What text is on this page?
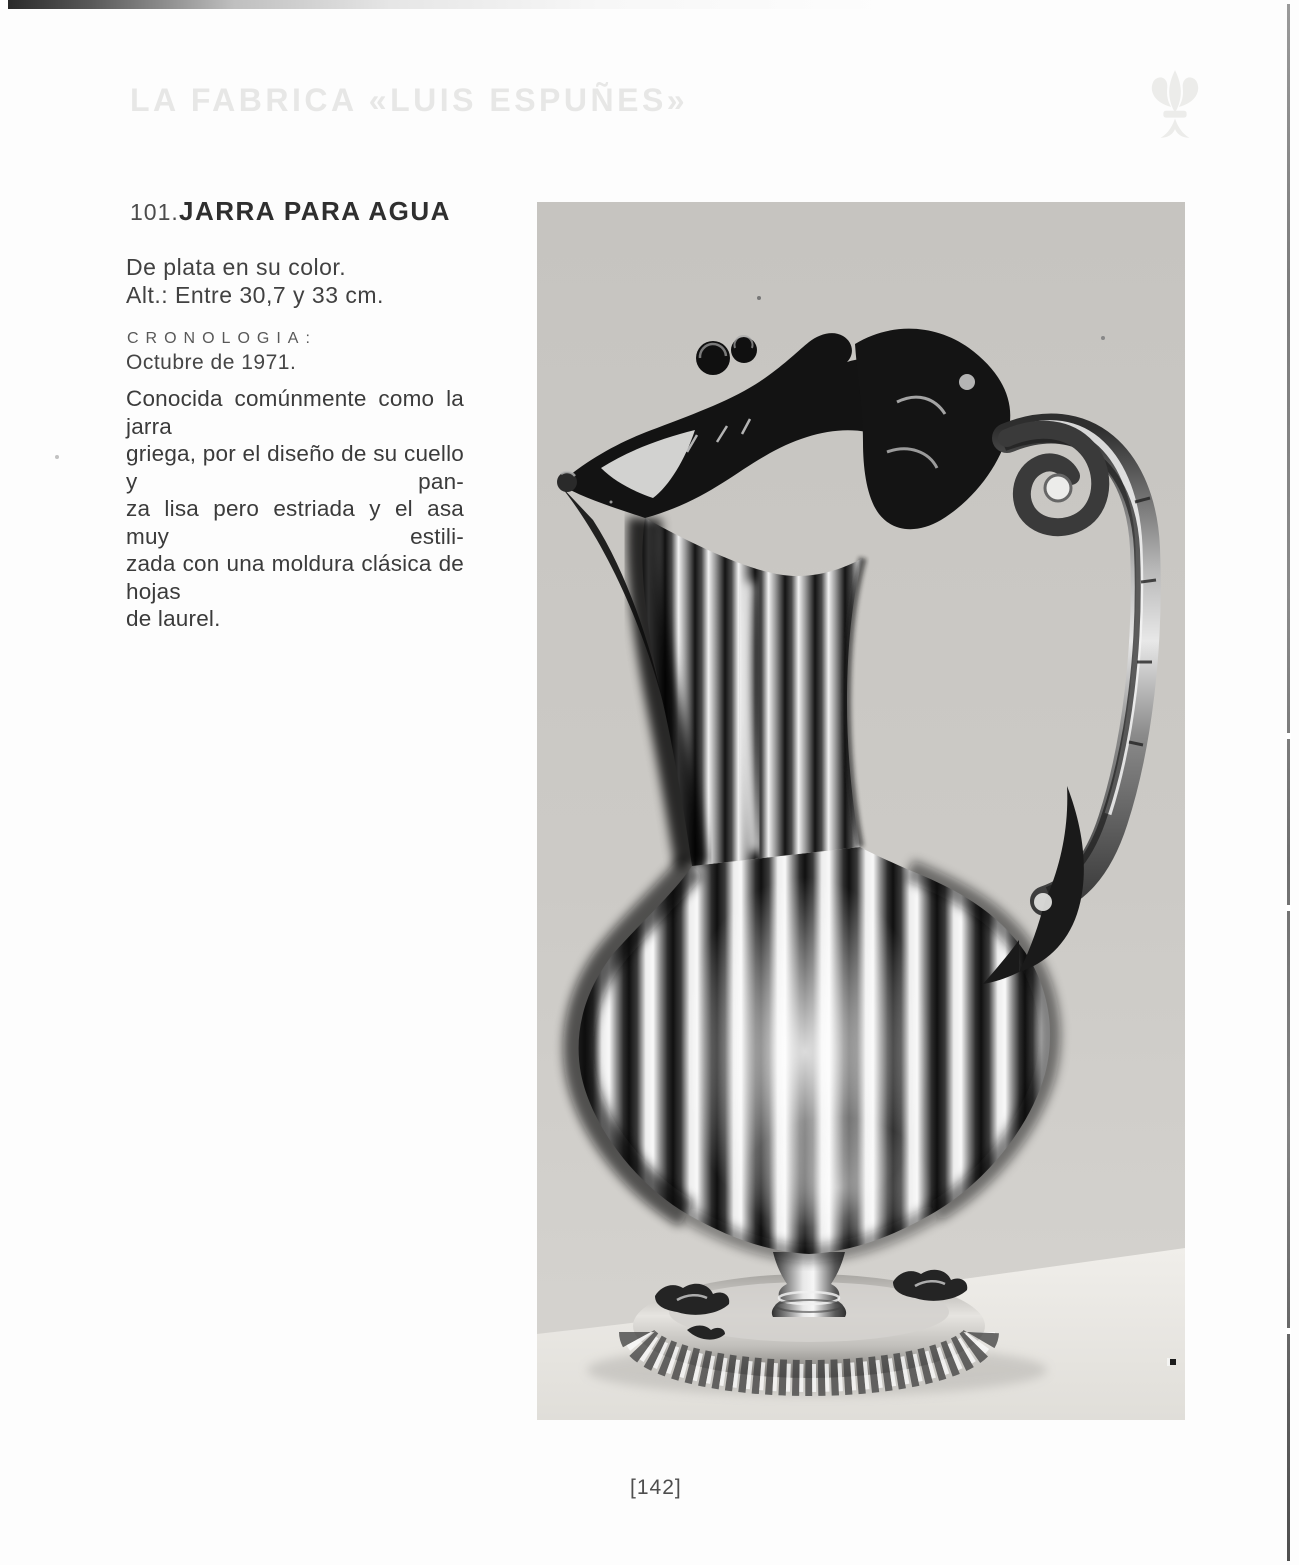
LA FABRICA «LUIS ESPUÑES»
101. JARRA PARA AGUA
De plata en su color.
Alt.: Entre 30,7 y 33 cm.
CRONOLOGIA:
Octubre de 1971.
Conocida comúnmente como la jarra
griega, por el diseño de su cuello y pan-
za lisa pero estriada y el asa muy estili-
zada con una moldura clásica de hojas
de laurel.
[142]
